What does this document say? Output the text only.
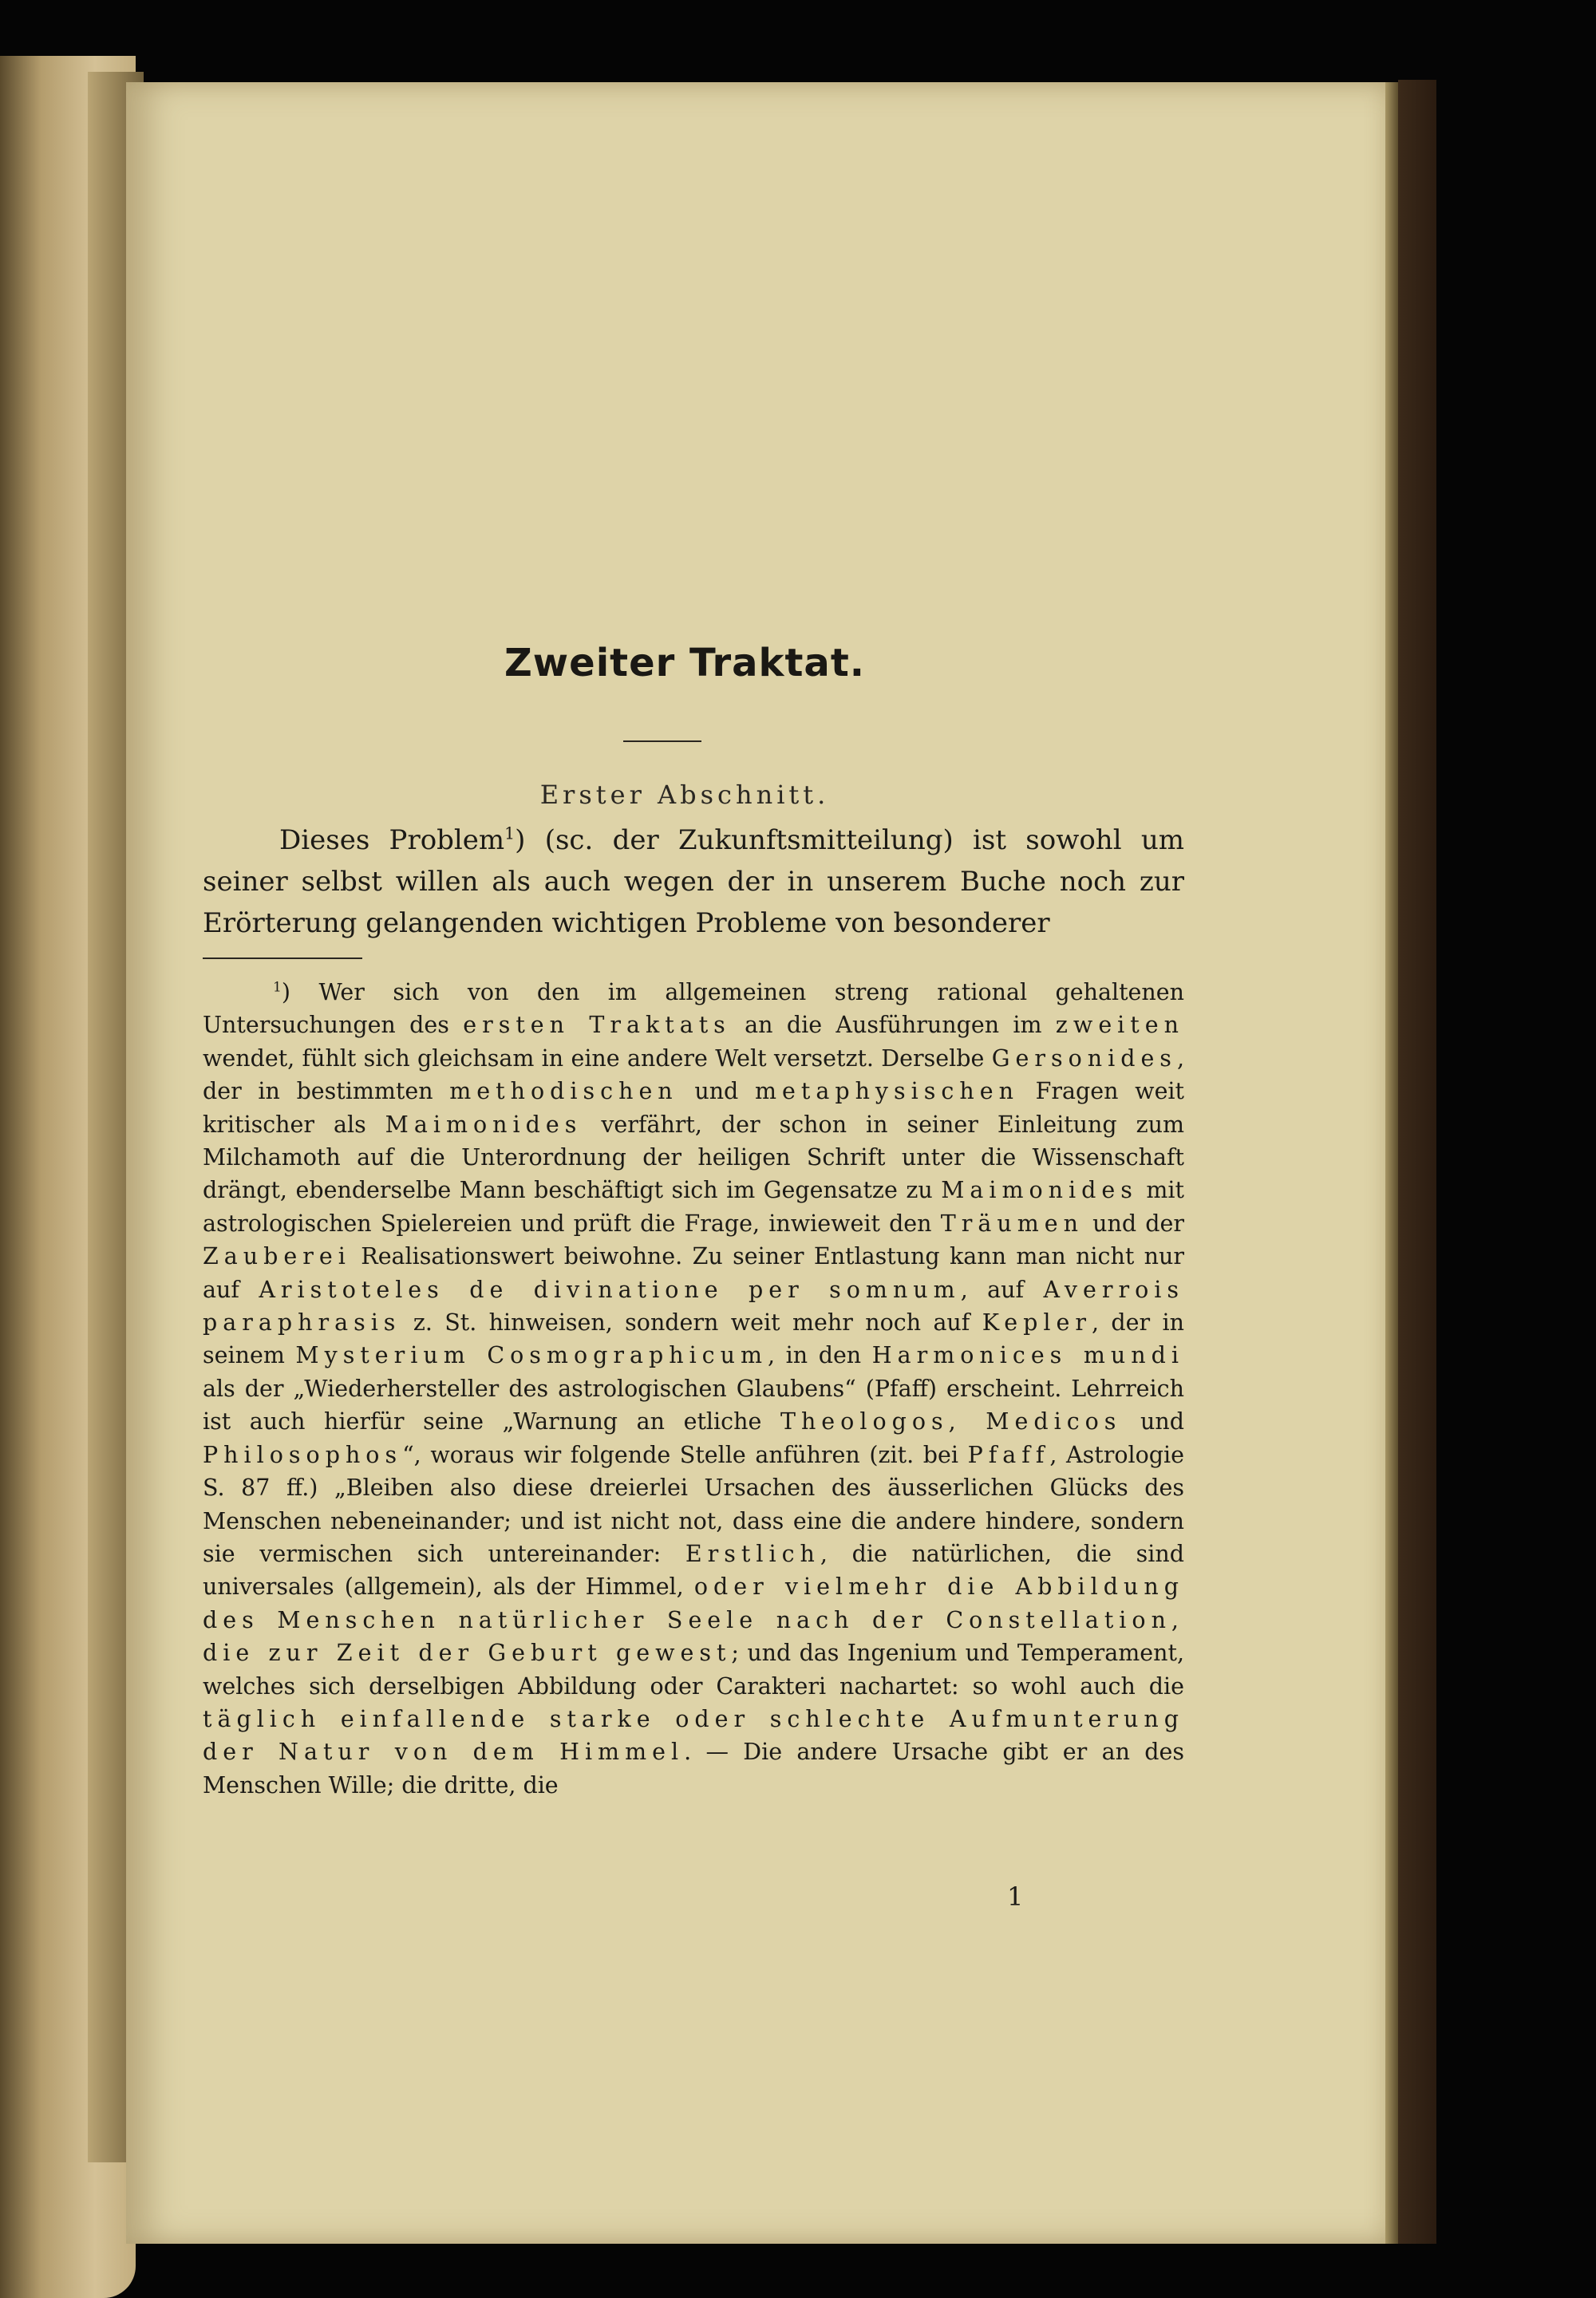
Zweiter Traktat.
Erster Abschnitt.
Dieses Problem$^1$) (sc. der Zukunftsmitteilung) ist sowohl um seiner selbst willen als auch wegen der in unserem Buche noch zur Erörterung gelangenden wichtigen Probleme von besonderer
$^1$) Wer sich von den im allgemeinen streng rational gehaltenen Untersuchungen des ersten Traktats an die Ausführungen im zweiten wendet, fühlt sich gleichsam in eine andere Welt versetzt. Derselbe Gersonides, der in bestimmten methodischen und metaphysischen Fragen weit kritischer als Maimonides verfährt, der schon in seiner Einleitung zum Milchamoth auf die Unterordnung der heiligen Schrift unter die Wissenschaft drängt, ebenderselbe Mann beschäftigt sich im Gegensatze zu Maimonides mit astrologischen Spielereien und prüft die Frage, inwieweit den Träumen und der Zauberei Realisationswert beiwohne. Zu seiner Entlastung kann man nicht nur auf Aristoteles de divinatione per somnum, auf Averrois paraphrasis z. St. hinweisen, sondern weit mehr noch auf Kepler, der in seinem Mysterium Cosmographicum, in den Harmonices mundi als der „Wiederhersteller des astrologischen Glaubens“ (Pfaff) erscheint. Lehrreich ist auch hierfür seine „Warnung an etliche Theologos, Medicos und Philosophos“, woraus wir folgende Stelle anführen (zit. bei Pfaff, Astrologie S. 87 ff.) „Bleiben also diese dreierlei Ursachen des äusserlichen Glücks des Menschen nebeneinander; und ist nicht not, dass eine die andere hindere, sondern sie vermischen sich untereinander: Erstlich, die natürlichen, die sind universales (allgemein), als der Himmel, oder vielmehr die Abbildung des Menschen natürlicher Seele nach der Constellation, die zur Zeit der Geburt gewest; und das Ingenium und Temperament, welches sich derselbigen Abbildung oder Carakteri nachartet: so wohl auch die täglich einfallende starke oder schlechte Aufmunterung der Natur von dem Himmel. — Die andere Ursache gibt er an des Menschen Wille; die dritte, die
1
